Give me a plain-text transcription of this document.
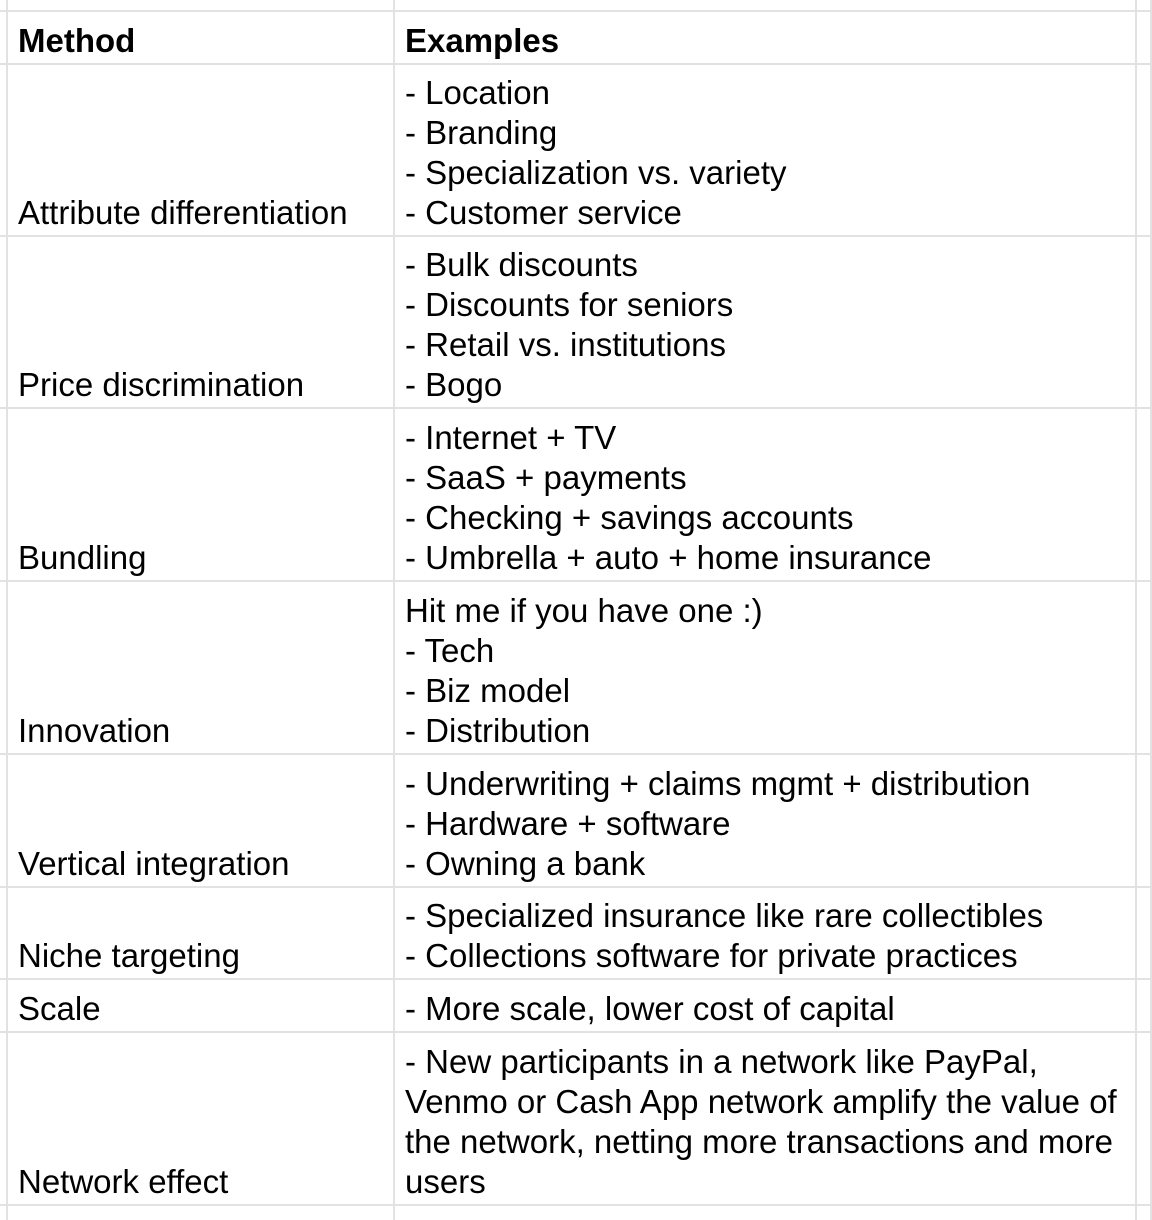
	Method	Examples	
	Attribute differentiation	- Location
- Branding
- Specialization vs. variety
- Customer service	

	Price discrimination	- Bulk discounts
- Discounts for seniors
- Retail vs. institutions
- Bogo	

	Bundling	- Internet + TV
- SaaS + payments
- Checking + savings accounts
- Umbrella + auto + home insurance	

	Innovation	Hit me if you have one :)
- Tech
- Biz model
- Distribution	

	Vertical integration	- Underwriting + claims mgmt + distribution
- Hardware + software
- Owning a bank	

	Niche targeting	- Specialized insurance like rare collectibles
- Collections software for private practices	

	Scale	- More scale, lower cost of capital	

	Network effect	- New participants in a network like PayPal, Venmo or Cash App network amplify the value of the network, netting more transactions and more users	
